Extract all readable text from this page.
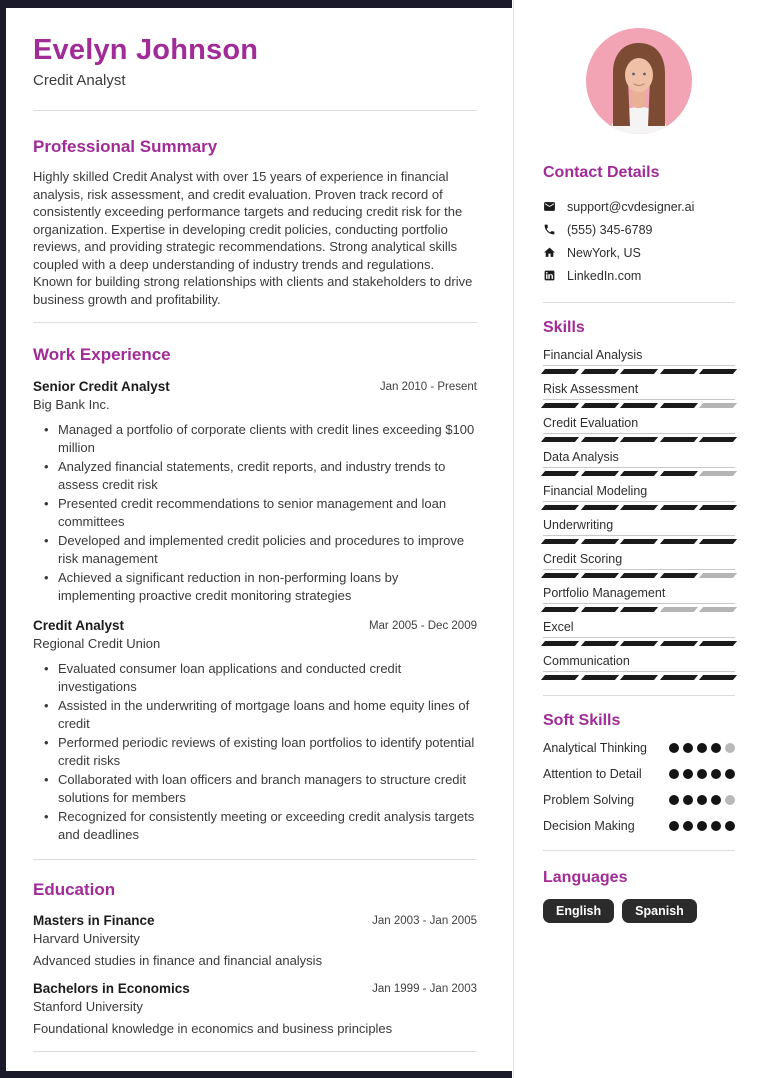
Evelyn Johnson
Credit Analyst
Professional Summary

Highly skilled Credit Analyst with over 15 years of experience in financial analysis, risk assessment, and credit evaluation. Proven track record of consistently exceeding performance targets and reducing credit risk for the organization. Expertise in developing credit policies, conducting portfolio reviews, and providing strategic recommendations. Strong analytical skills coupled with a deep understanding of industry trends and regulations. Known for building strong relationships with clients and stakeholders to drive business growth and profitability.

Work Experience
Senior Credit Analyst	Jan 2010 - Present
Big Bank Inc.
• Managed a portfolio of corporate clients with credit lines exceeding $100 million
• Analyzed financial statements, credit reports, and industry trends to assess credit risk
• Presented credit recommendations to senior management and loan committees
• Developed and implemented credit policies and procedures to improve risk management
• Achieved a significant reduction in non-performing loans by implementing proactive credit monitoring strategies
Credit Analyst	Mar 2005 - Dec 2009
Regional Credit Union
• Evaluated consumer loan applications and conducted credit investigations
• Assisted in the underwriting of mortgage loans and home equity lines of credit
• Performed periodic reviews of existing loan portfolios to identify potential credit risks
• Collaborated with loan officers and branch managers to structure credit solutions for members
• Recognized for consistently meeting or exceeding credit analysis targets and deadlines
Education
Masters in Finance	Jan 2003 - Jan 2005
Harvard University
Advanced studies in finance and financial analysis
Bachelors in Economics	Jan 1999 - Jan 2003
Stanford University
Foundational knowledge in economics and business principles
Contact Details
support@cvdesigner.ai
(555) 345-6789
NewYork, US
LinkedIn.com
Skills
Financial Analysis
Risk Assessment
Credit Evaluation
Data Analysis
Financial Modeling
Underwriting
Credit Scoring
Portfolio Management
Excel
Communication
Soft Skills
Analytical Thinking
Attention to Detail
Problem Solving
Decision Making
Languages
English	Spanish
